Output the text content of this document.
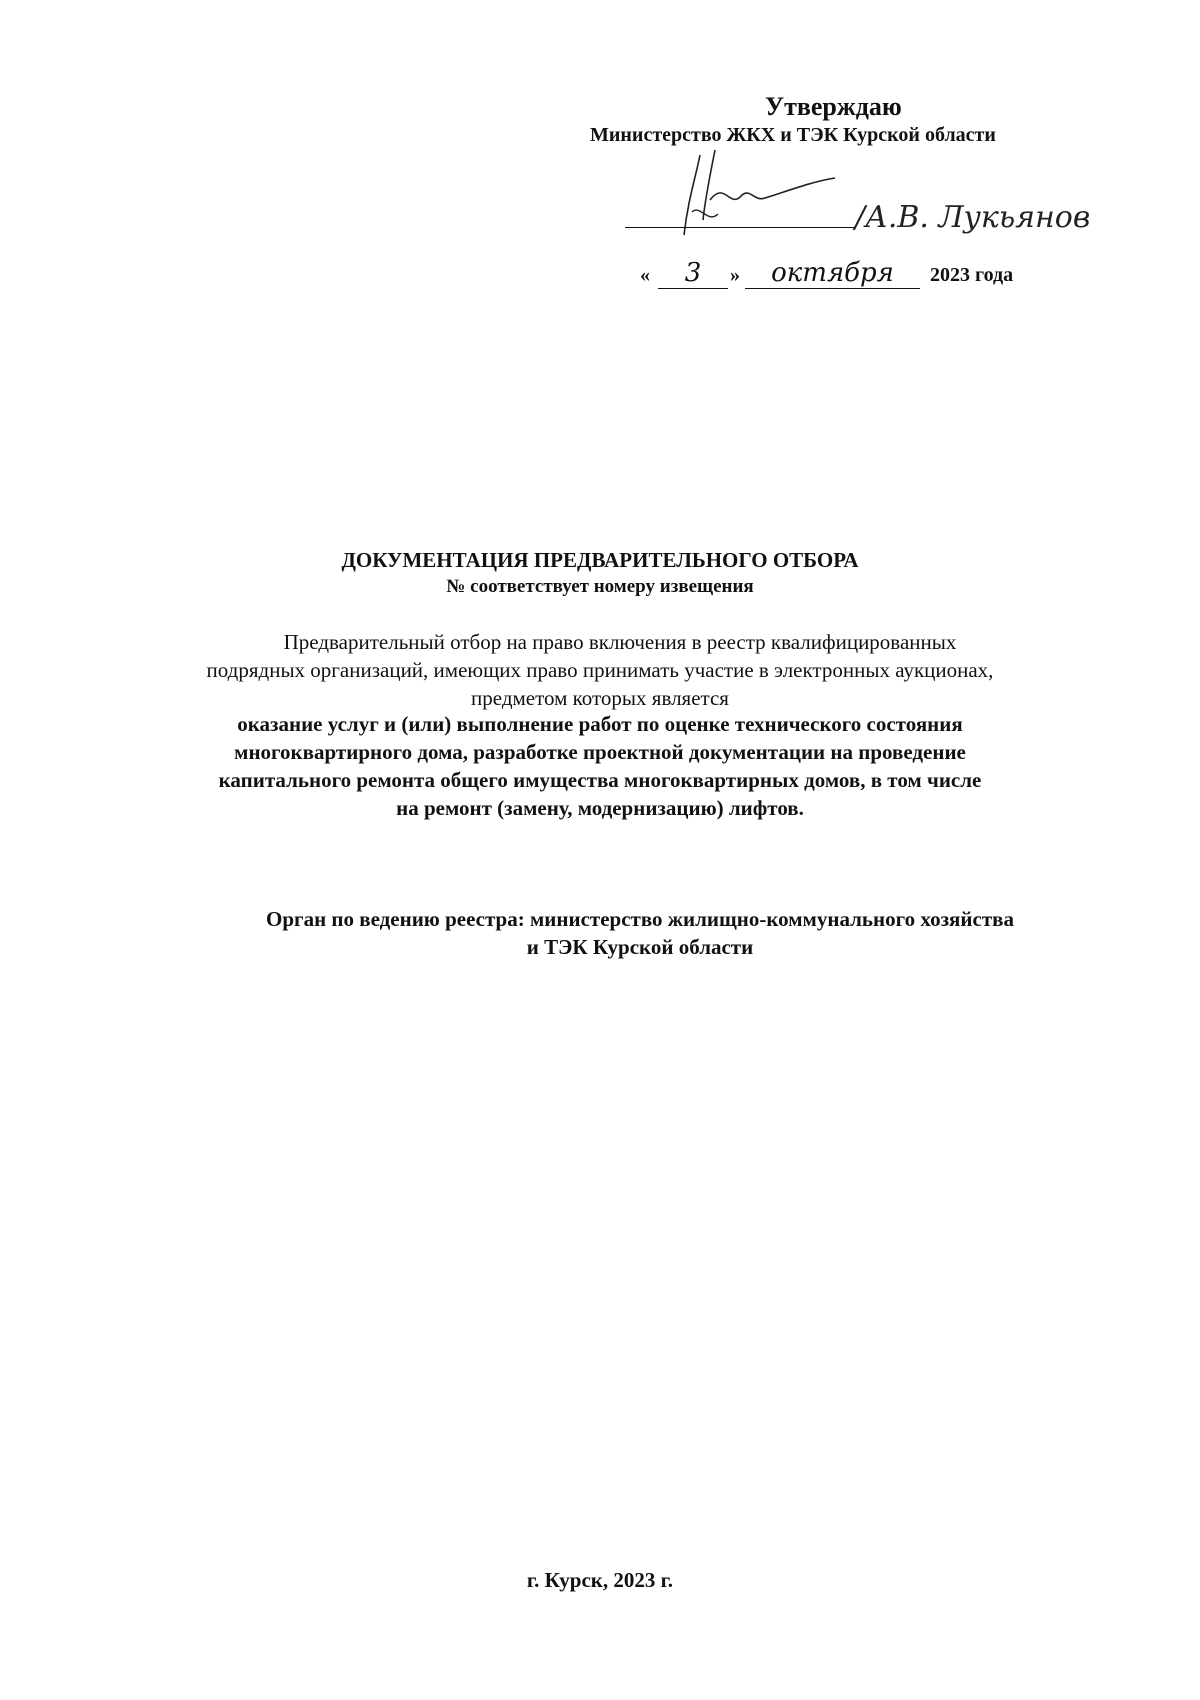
Утверждаю
Министерство ЖКХ и ТЭК Курской области
/А.В. Лукьянов
«	3	»	октября	2023 года
ДОКУМЕНТАЦИЯ ПРЕДВАРИТЕЛЬНОГО ОТБОРА
№ соответствует номеру извещения
Предварительный отбор на право включения в реестр квалифицированных
подрядных организаций, имеющих право принимать участие в электронных аукционах,
предметом которых является
оказание услуг и (или) выполнение работ по оценке технического состояния
многоквартирного дома, разработке проектной документации на проведение
капитального ремонта общего имущества многоквартирных домов, в том числе
на ремонт (замену, модернизацию) лифтов.
Орган по ведению реестра: министерство жилищно-коммунального хозяйства
и ТЭК Курской области
г. Курск, 2023 г.
